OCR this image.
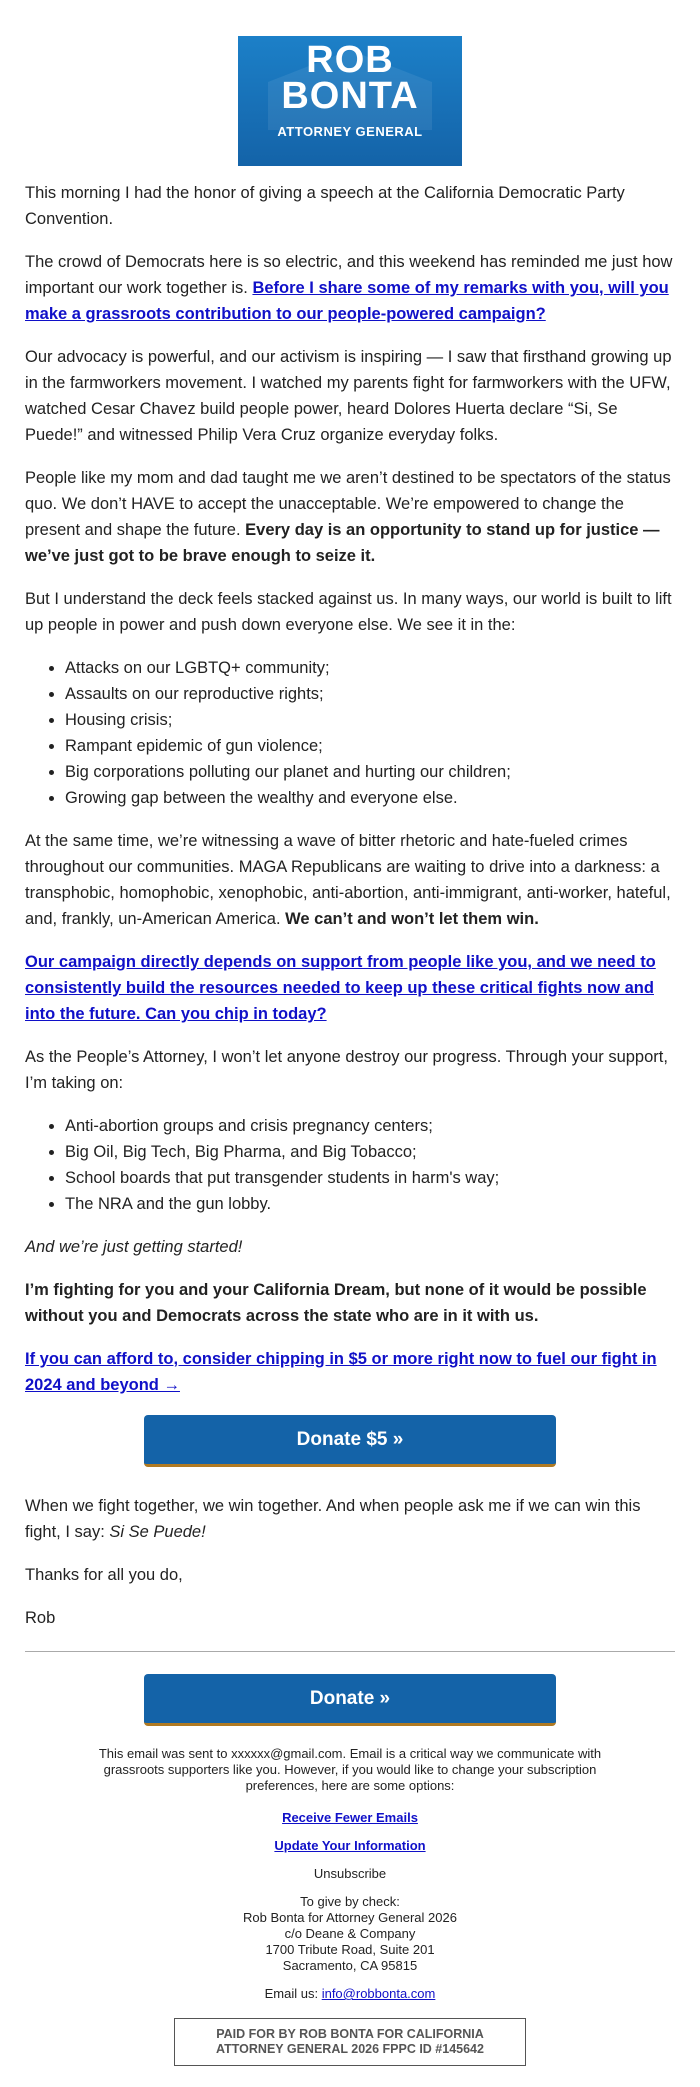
ROB
BONTA
ATTORNEY GENERAL

This morning I had the honor of giving a speech at the California Democratic Party Convention.

The crowd of Democrats here is so electric, and this weekend has reminded me just how important our work together is. Before I share some of my remarks with you, will you make a grassroots contribution to our people-powered campaign?

Our advocacy is powerful, and our activism is inspiring — I saw that firsthand growing up in the farmworkers movement. I watched my parents fight for farmworkers with the UFW, watched Cesar Chavez build people power, heard Dolores Huerta declare “Si, Se Puede!” and witnessed Philip Vera Cruz organize everyday folks.

People like my mom and dad taught me we aren’t destined to be spectators of the status quo. We don’t HAVE to accept the unacceptable. We’re empowered to change the present and shape the future. Every day is an opportunity to stand up for justice — we’ve just got to be brave enough to seize it.

But I understand the deck feels stacked against us. In many ways, our world is built to lift up people in power and push down everyone else. We see it in the:

• Attacks on our LGBTQ+ community;
• Assaults on our reproductive rights;
• Housing crisis;
• Rampant epidemic of gun violence;
• Big corporations polluting our planet and hurting our children;
• Growing gap between the wealthy and everyone else.

At the same time, we’re witnessing a wave of bitter rhetoric and hate-fueled crimes throughout our communities. MAGA Republicans are waiting to drive into a darkness: a transphobic, homophobic, xenophobic, anti-abortion, anti-immigrant, anti-worker, hateful, and, frankly, un-American America. We can’t and won’t let them win.

Our campaign directly depends on support from people like you, and we need to consistently build the resources needed to keep up these critical fights now and into the future. Can you chip in today?

As the People’s Attorney, I won’t let anyone destroy our progress. Through your support, I’m taking on:

• Anti-abortion groups and crisis pregnancy centers;
• Big Oil, Big Tech, Big Pharma, and Big Tobacco;
• School boards that put transgender students in harm's way;
• The NRA and the gun lobby.

And we’re just getting started!

I’m fighting for you and your California Dream, but none of it would be possible without you and Democrats across the state who are in it with us.

If you can afford to, consider chipping in $5 or more right now to fuel our fight in 2024 and beyond →

Donate $5 »

When we fight together, we win together. And when people ask me if we can win this fight, I say: Si Se Puede!

Thanks for all you do,

Rob

Donate »
This email was sent to xxxxxx@gmail.com. Email is a critical way we communicate with grassroots supporters like you. However, if you would like to change your subscription preferences, here are some options:
Receive Fewer Emails
Update Your Information
Unsubscribe
To give by check:
Rob Bonta for Attorney General 2026
c/o Deane & Company
1700 Tribute Road, Suite 201
Sacramento, CA 95815
Email us: info@robbonta.com
PAID FOR BY ROB BONTA FOR CALIFORNIA ATTORNEY GENERAL 2026 FPPC ID #145642
